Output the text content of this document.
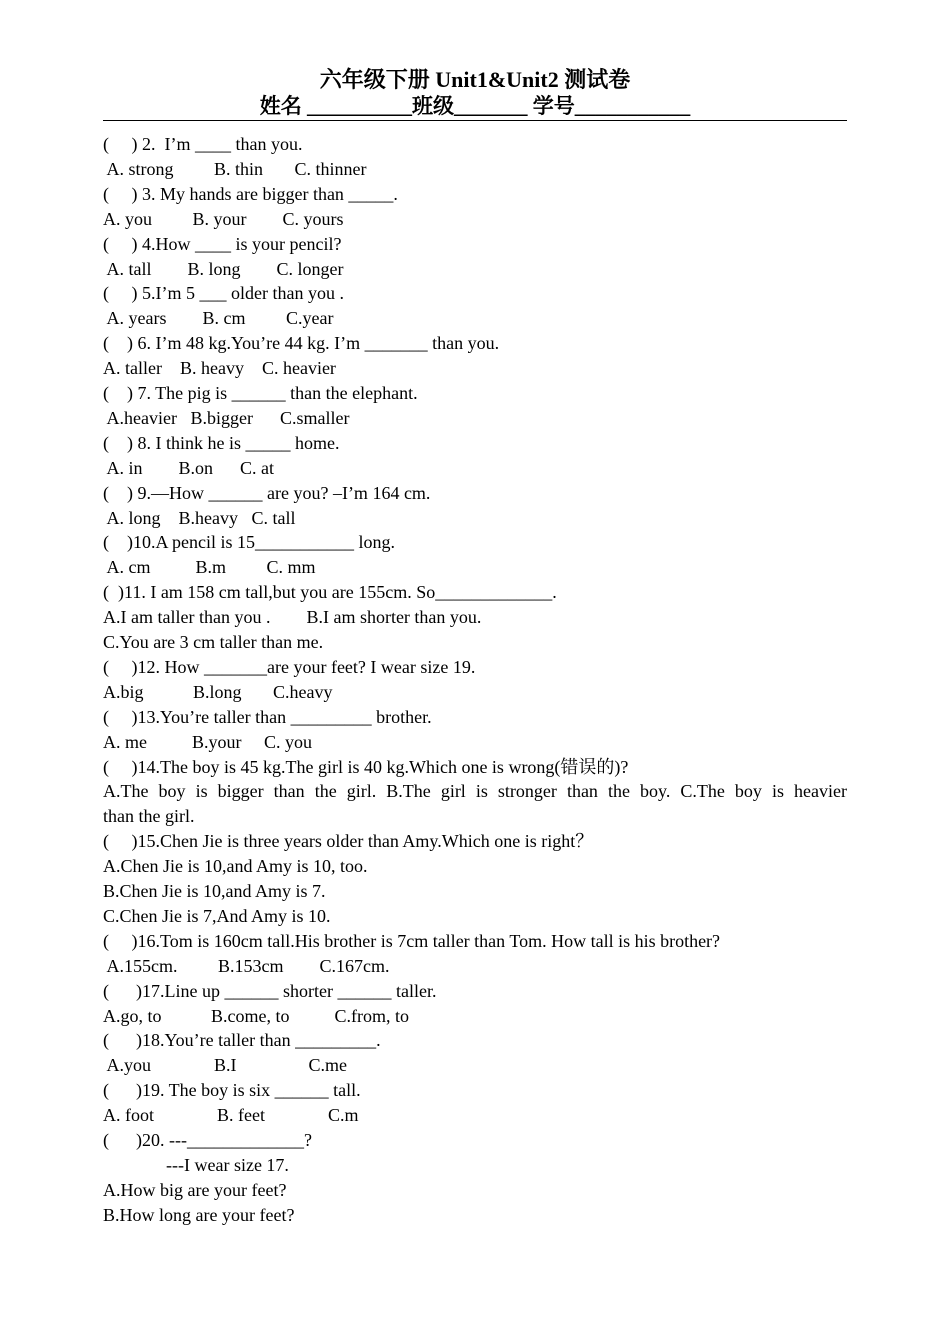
六年级下册 Unit1&Unit2 测试卷
姓名 __________班级_______ 学号___________
(     ) 2.  I’m ____ than you.
A. strong         B. thin       C. thinner
(     ) 3. My hands are bigger than _____.
A. you         B. your        C. yours
(     ) 4.How ____ is your pencil?
A. tall        B. long        C. longer
(     ) 5.I’m 5 ___ older than you .
A. years        B. cm         C.year
(    ) 6. I’m 48 kg.You’re 44 kg. I’m _______ than you.
A. taller    B. heavy    C. heavier
(    ) 7. The pig is ______ than the elephant.
A.heavier   B.bigger      C.smaller
(    ) 8. I think he is _____ home.
A. in        B.on      C. at
(    ) 9.—How ______ are you? –I’m 164 cm.
A. long    B.heavy   C. tall
(    )10.A pencil is 15___________ long.
A. cm          B.m         C. mm
(  )11. I am 158 cm tall,but you are 155cm. So_____________.
A.I am taller than you .        B.I am shorter than you.
C.You are 3 cm taller than me.
(     )12. How _______are your feet? I wear size 19.
A.big           B.long       C.heavy
(     )13.You’re taller than _________ brother.
A. me          B.your     C. you
(     )14.The boy is 45 kg.The girl is 40 kg.Which one is wrong(错误的)?
A.The boy is bigger than the girl. B.The girl is stronger than the boy. C.The boy is heavier
than the girl.
(     )15.Chen Jie is three years older than Amy.Which one is right？
A.Chen Jie is 10,and Amy is 10, too.
B.Chen Jie is 10,and Amy is 7.
C.Chen Jie is 7,And Amy is 10.
(     )16.Tom is 160cm tall.His brother is 7cm taller than Tom. How tall is his brother?
A.155cm.         B.153cm        C.167cm.
(      )17.Line up ______ shorter ______ taller.
A.go, to           B.come, to          C.from, to
(      )18.You’re taller than _________.
A.you              B.I                C.me
(      )19. The boy is six ______ tall.
A. foot              B. feet              C.m
(      )20. ---_____________?
---I wear size 17.
A.How big are your feet?
B.How long are your feet?
